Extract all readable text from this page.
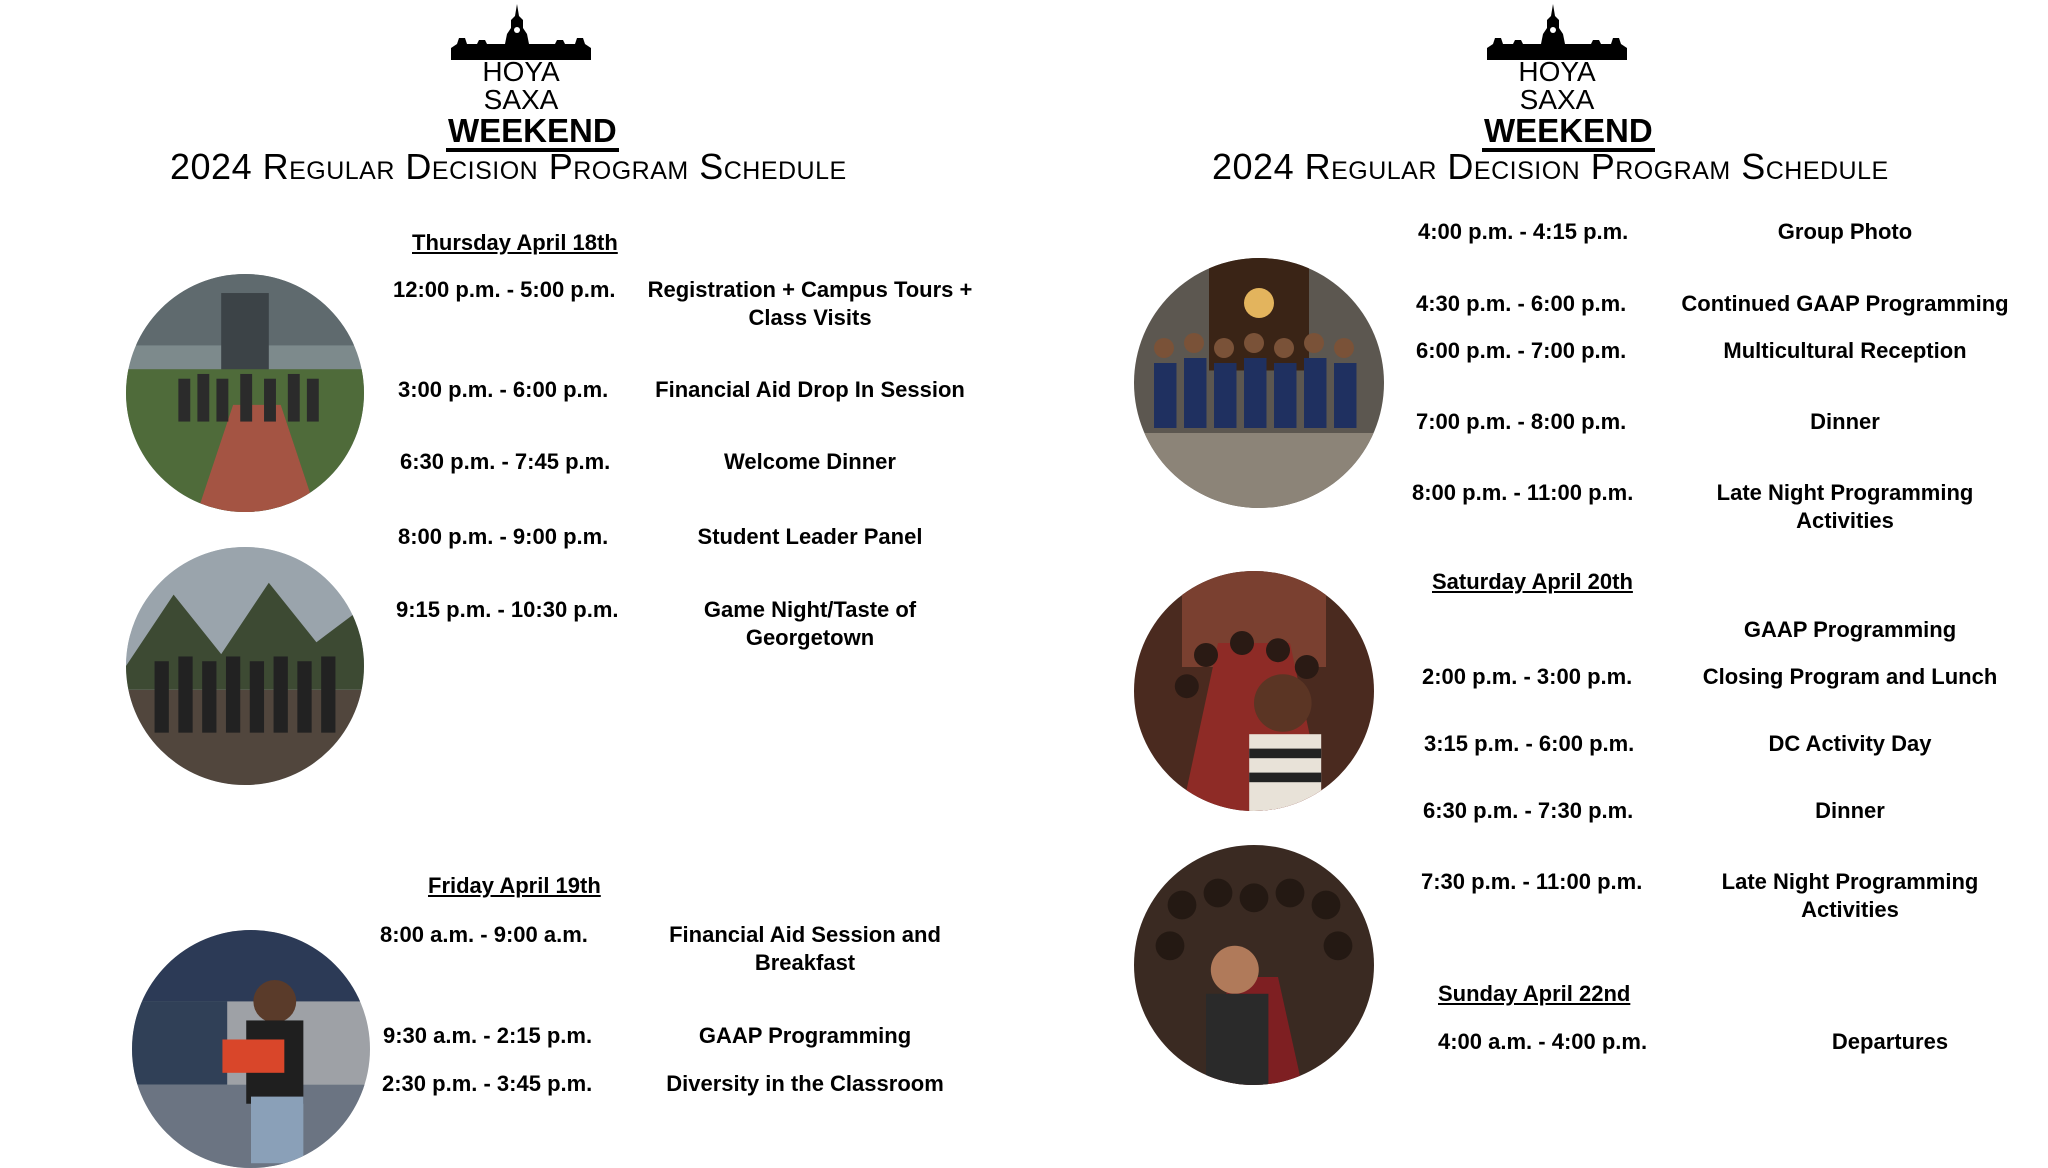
HOYA SAXA
WEEKEND
2024 Regular Decision Program Schedule
Thursday April 18th
12:00 p.m. - 5:00 p.m.	Registration + Campus Tours + Class Visits
3:00 p.m. - 6:00 p.m.	Financial Aid Drop In Session
6:30 p.m. - 7:45 p.m.	Welcome Dinner
8:00 p.m. - 9:00 p.m.	Student Leader Panel
9:15 p.m. - 10:30 p.m.	Game Night/Taste of Georgetown
Friday April 19th
8:00 a.m. - 9:00 a.m.	Financial Aid Session and Breakfast
9:30 a.m. - 2:15 p.m.	GAAP Programming
2:30 p.m. - 3:45 p.m.	Diversity in the Classroom
HOYA SAXA
WEEKEND
2024 Regular Decision Program Schedule
4:00 p.m. - 4:15 p.m.	Group Photo
4:30 p.m. - 6:00 p.m.	Continued GAAP Programming
6:00 p.m. - 7:00 p.m.	Multicultural Reception
7:00 p.m. - 8:00 p.m.	Dinner
8:00 p.m. - 11:00 p.m.	Late Night Programming Activities
Saturday April 20th
GAAP Programming
2:00 p.m. - 3:00 p.m.	Closing Program and Lunch
3:15 p.m. - 6:00 p.m.	DC Activity Day
6:30 p.m. - 7:30 p.m.	Dinner
7:30 p.m. - 11:00 p.m.	Late Night Programming Activities
Sunday April 22nd
4:00 a.m. - 4:00 p.m.	Departures
